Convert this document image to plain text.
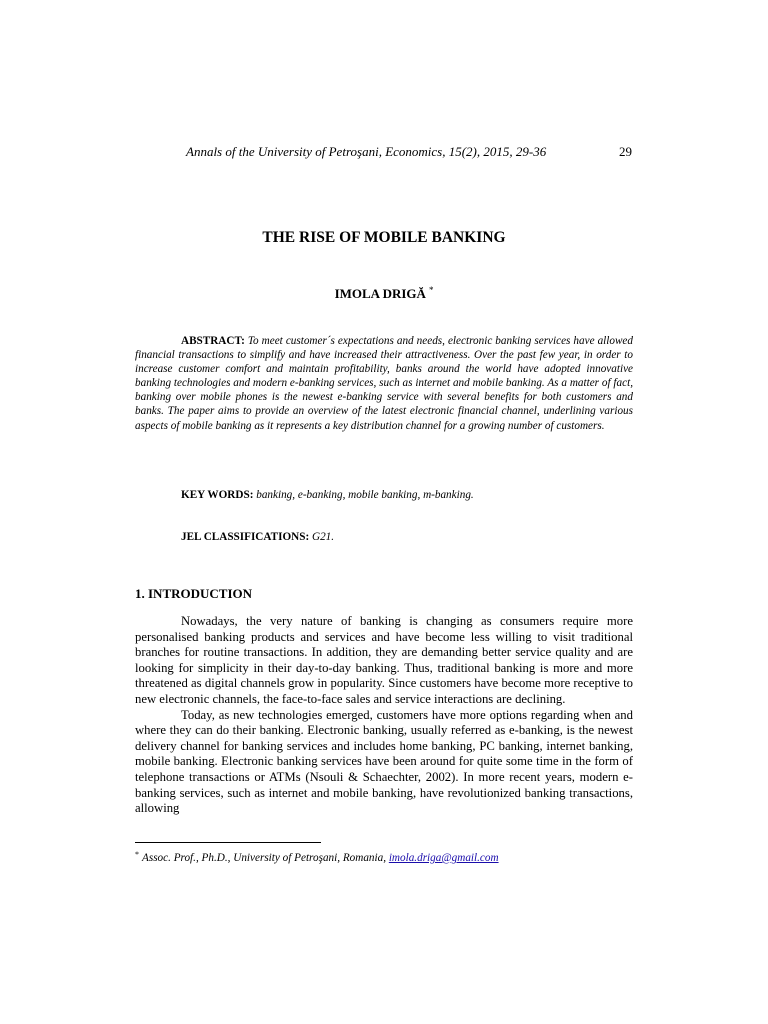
Annals of the University of Petroşani, Economics, 15(2), 2015, 29-36	29
THE RISE OF MOBILE BANKING
IMOLA DRIGĂ *
ABSTRACT: To meet customer´s expectations and needs, electronic banking services have allowed financial transactions to simplify and have increased their attractiveness. Over the past few year, in order to increase customer comfort and maintain profitability, banks around the world have adopted innovative banking technologies and modern e-banking services, such as internet and mobile banking. As a matter of fact, banking over mobile phones is the newest e-banking service with several benefits for both customers and banks. The paper aims to provide an overview of the latest electronic financial channel, underlining various aspects of mobile banking as it represents a key distribution channel for a growing number of customers.
KEY WORDS: banking, e-banking, mobile banking, m-banking.
JEL CLASSIFICATIONS: G21.
1. INTRODUCTION

Nowadays, the very nature of banking is changing as consumers require more personalised banking products and services and have become less willing to visit traditional branches for routine transactions. In addition, they are demanding better service quality and are looking for simplicity in their day-to-day banking. Thus, traditional banking is more and more threatened as digital channels grow in popularity. Since customers have become more receptive to new electronic channels, the face-to-face sales and service interactions are declining.

Today, as new technologies emerged, customers have more options regarding when and where they can do their banking. Electronic banking, usually referred as e-banking, is the newest delivery channel for banking services and includes home banking, PC banking, internet banking, mobile banking. Electronic banking services have been around for quite some time in the form of telephone transactions or ATMs (Nsouli & Schaechter, 2002). In more recent years, modern e-banking services, such as internet and mobile banking, have revolutionized banking transactions, allowing

* Assoc. Prof., Ph.D., University of Petroşani, Romania, imola.driga@gmail.com
